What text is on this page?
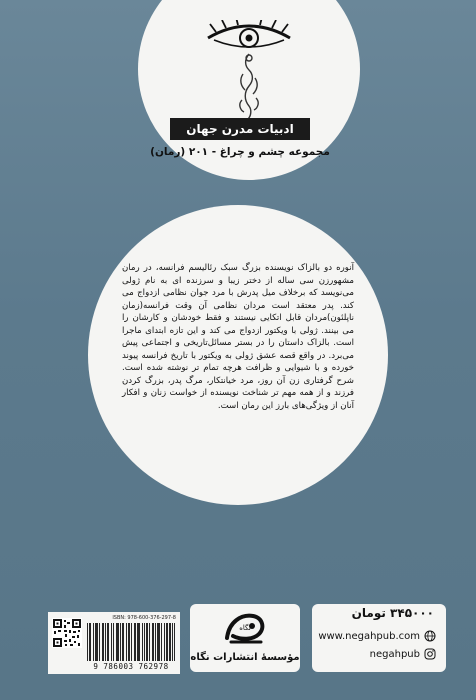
ادبیات مدرن جهان
مجموعه چشم و چراغ - ۲۰۱ (رمان)
آنوره دو بالزاک نویسنده بزرگ سبک رئالیسم فرانسه، در رمان مشهورزن سی ساله از دختر زیبا و سرزنده ای به نام ژولی می‌نویسد که برخلاف میل پدرش با مرد جوان نظامی ازدواج می کند. پدر معتقد است مردان نظامی آن وقت فرانسه(زمان ناپلئون)مردان قابل اتکایی نیستند و فقط خودشان و کارشان را می بینند. ژولی با ویکتور ازدواج می کند و این تازه ابتدای ماجرا است. بالزاک داستان را در بستر مسائل‌تاریخی و اجتماعی پیش می‌برد. در واقع قصه عشق ژولی به ویکتور با تاریخ فرانسه پیوند خورده و با شیوایی و ظرافت هرچه تمام تر نوشته شده است. شرح گرفتاری زن آن روز، مرد خیانتکار، مرگ پدر، بزرگ کردن فرزند و از همه مهم تر شناخت نویسنده از خواست زنان و افکار آنان از ویژگی‌های بارز این رمان است.
۳۴۵۰۰۰ تومان
www.negahpub.com
negahpub
نگاه
مؤسسهٔ انتشارات نگاه
ISBN: 978-600-376-297-8
9 786003 762978
